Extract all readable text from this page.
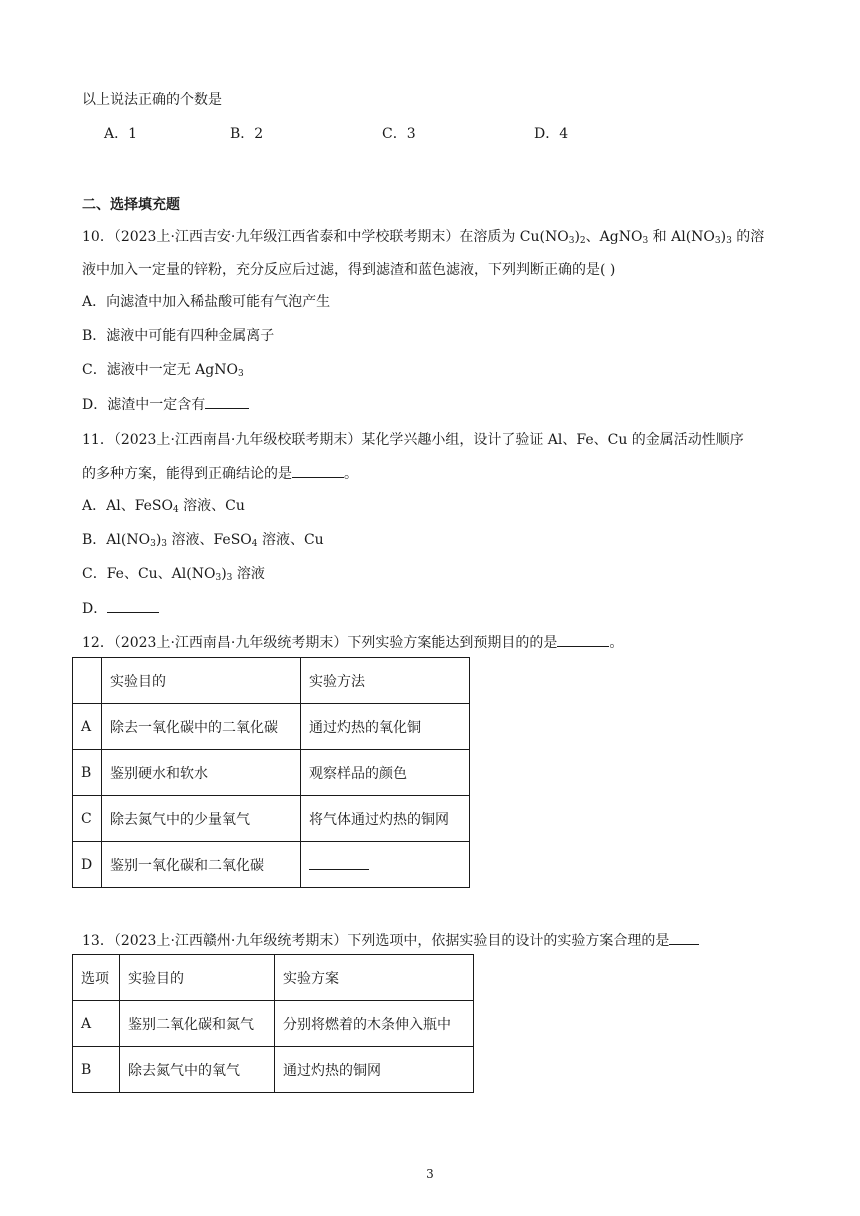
以上说法正确的个数是
A．1	B．2	C．3	D．4
二、选择填充题
10．（2023上·江西吉安·九年级江西省泰和中学校联考期末）在溶质为 $Cu(NO_3)_2$、AgNO$_3$ 和 $Al(NO_3)_3$ 的溶
液中加入一定量的锌粉，充分反应后过滤，得到滤渣和蓝色滤液，下列判断正确的是( )
A．向滤渣中加入稀盐酸可能有气泡产生
B．滤液中可能有四种金属离子
C．滤液中一定无 AgNO$_3$
D．滤渣中一定含有
11．（2023上·江西南昌·九年级校联考期末）某化学兴趣小组，设计了验证 Al、Fe、Cu 的金属活动性顺序
的多种方案，能得到正确结论的是	。
A．Al、FeSO$_4$ 溶液、Cu
B．$Al(NO_3)_3$ 溶液、FeSO$_4$ 溶液、Cu
C．Fe、Cu、$Al(NO_3)_3$ 溶液
D．
12．（2023上·江西南昌·九年级统考期末）下列实验方案能达到预期目的的是	。
	实验目的	实验方法
A	除去一氧化碳中的二氧化碳	通过灼热的氧化铜
B	鉴别硬水和软水	观察样品的颜色
C	除去氮气中的少量氧气	将气体通过灼热的铜网
D	鉴别一氧化碳和二氧化碳	
13．（2023上·江西赣州·九年级统考期末）下列选项中，依据实验目的设计的实验方案合理的是
选项	实验目的	实验方案
A	鉴别二氧化碳和氮气	分别将燃着的木条伸入瓶中
B	除去氮气中的氧气	通过灼热的铜网
3
